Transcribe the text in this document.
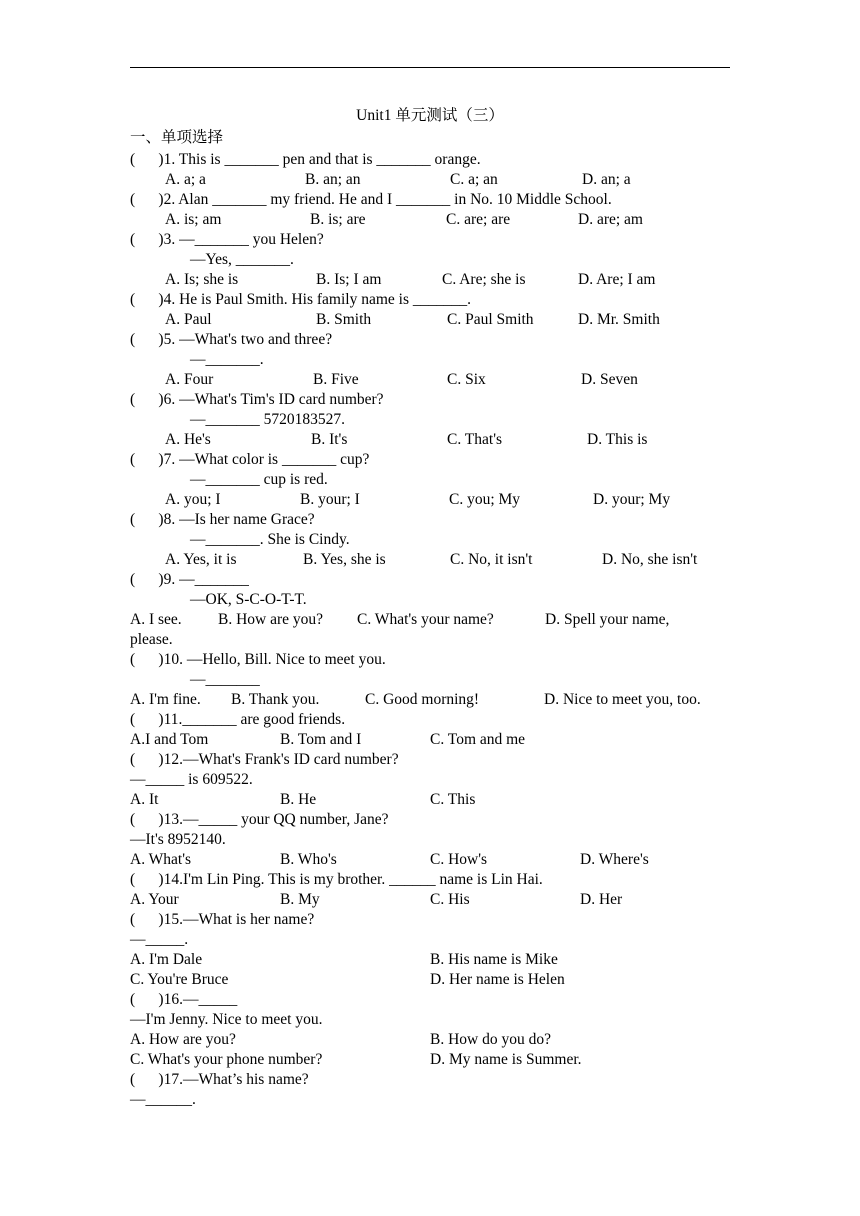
Unit1 单元测试（三）
一、单项选择
(      )1. This is _______ pen and that is _______ orange.
A. a; a	B. an; an	C. a; an	D. an; a
(      )2. Alan _______ my friend. He and I _______ in No. 10 Middle School.
A. is; am	B. is; are	C. are; are	D. are; am
(      )3. —_______ you Helen?
—Yes, _______.
A. Is; she is	B. Is; I am	C. Are; she is	D. Are; I am
(      )4. He is Paul Smith. His family name is _______.
A. Paul	B. Smith	C. Paul Smith	D. Mr. Smith
(      )5. —What's two and three?
—_______.
A. Four	B. Five	C. Six	D. Seven
(      )6. —What's Tim's ID card number?
—_______ 5720183527.
A. He's	B. It's	C. That's	D. This is
(      )7. —What color is _______ cup?
—_______ cup is red.
A. you; I	B. your; I	C. you; My	D. your; My
(      )8. —Is her name Grace?
—_______. She is Cindy.
A. Yes, it is	B. Yes, she is	C. No, it isn't	D. No, she isn't
(      )9. —_______
—OK, S-C-O-T-T.
A. I see. B. How are you? C. What's your name?	D. Spell your name,
please.
(      )10. —Hello, Bill. Nice to meet you.
—_______
A. I'm fine. B. Thank you.	C. Good morning!	D. Nice to meet you, too.
(      )11._______ are good friends.
A.I and Tom	B. Tom and I	C. Tom and me
(      )12.—What's Frank's ID card number?
—_____ is 609522.
A. It	B. He	C. This
(      )13.—_____ your QQ number, Jane?
—It's 8952140.
A. What's	B. Who's	C. How's	D. Where's
(      )14.I'm Lin Ping. This is my brother. ______ name is Lin Hai.
A. Your	B. My	C. His	D. Her
(      )15.—What is her name?
—_____.
A. I'm Dale	B. His name is Mike
C. You're Bruce	D. Her name is Helen
(      )16.—_____
—I'm Jenny. Nice to meet you.
A. How are you?	B. How do you do?
C. What's your phone number?	D. My name is Summer.
(      )17.—What’s his name?
—______.
